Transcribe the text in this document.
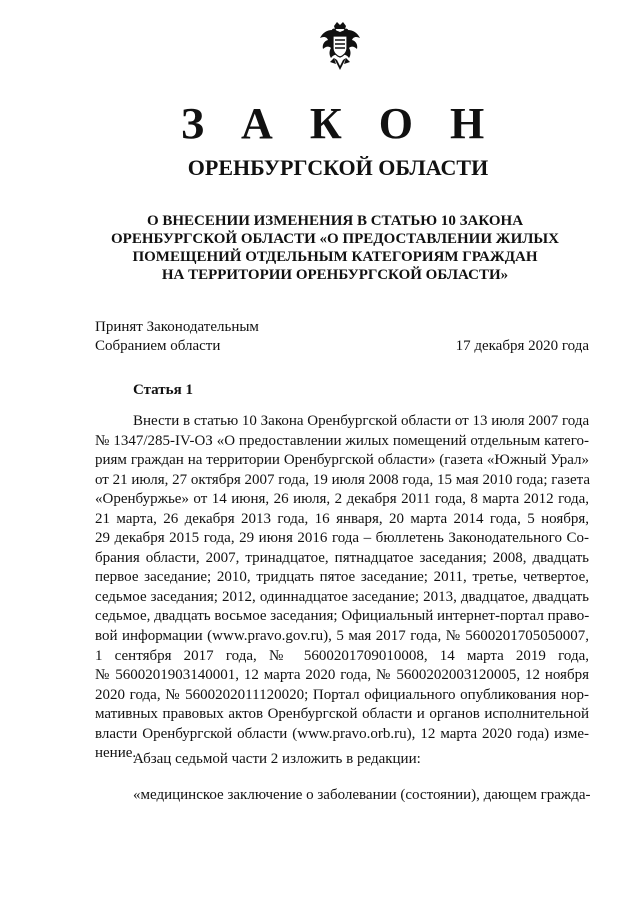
З А К О Н
ОРЕНБУРГСКОЙ ОБЛАСТИ
О ВНЕСЕНИИ ИЗМЕНЕНИЯ В СТАТЬЮ 10 ЗАКОНА
ОРЕНБУРГСКОЙ ОБЛАСТИ «О ПРЕДОСТАВЛЕНИИ ЖИЛЫХ
ПОМЕЩЕНИЙ ОТДЕЛЬНЫМ КАТЕГОРИЯМ ГРАЖДАН
НА ТЕРРИТОРИИ ОРЕНБУРГСКОЙ ОБЛАСТИ»
Принят Законодательным
Собранием области	17 декабря 2020 года
Статья 1
Внести в статью 10 Закона Оренбургской области от 13 июля 2007 года
№ 1347/285-IV-ОЗ «О предоставлении жилых помещений отдельным катего-
риям граждан на территории Оренбургской области» (газета «Южный Урал»
от 21 июля, 27 октября 2007 года, 19 июля 2008 года, 15 мая 2010 года; газета
«Оренбуржье» от 14 июня, 26 июля, 2 декабря 2011 года, 8 марта 2012 года,
21 марта, 26 декабря 2013 года, 16 января, 20 марта 2014 года, 5 ноября,
29 декабря 2015 года, 29 июня 2016 года – бюллетень Законодательного Со-
брания области, 2007, тринадцатое, пятнадцатое заседания; 2008, двадцать
первое заседание; 2010, тридцать пятое заседание; 2011, третье, четвертое,
седьмое заседания; 2012, одиннадцатое заседание; 2013, двадцатое, двадцать
седьмое, двадцать восьмое заседания; Официальный интернет-портал право-
вой информации (www.pravo.gov.ru), 5 мая 2017 года, № 5600201705050007,
1 сентября 2017 года, № 5600201709010008, 14 марта 2019 года,
№ 5600201903140001, 12 марта 2020 года, № 5600202003120005, 12 ноября
2020 года, № 5600202011120020; Портал официального опубликования нор-
мативных правовых актов Оренбургской области и органов исполнительной
власти Оренбургской области (www.pravo.orb.ru), 12 марта 2020 года) изме-
нение.
Абзац седьмой части 2 изложить в редакции:
«медицинское заключение о заболевании (состоянии), дающем гражда-
